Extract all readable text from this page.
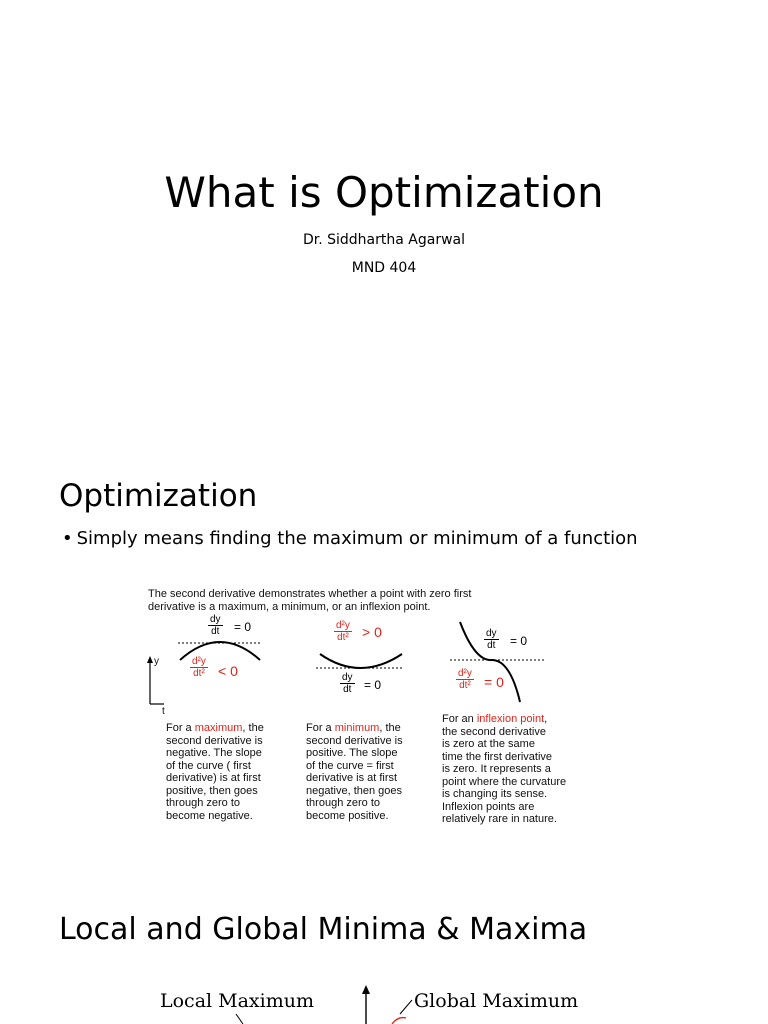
What is Optimization
Dr. Siddhartha Agarwal
MND 404
Optimization
• Simply means finding the maximum or minimum of a function
The second derivative demonstrates whether a point with zero first
derivative is a maximum, a minimum, or an inflexion point.
y
t
$\frac{dy}{dt} = 0$
$\frac{\text{d²y}}{\text{dt²}} < 0$
$\frac{\text{d²y}}{\text{dt²}} > 0$
$\frac{dy}{dt} = 0$
$\frac{dy}{dt} = 0$
$\frac{\text{d²y}}{\text{dt²}} = 0$
For a maximum, the
second derivative is
negative. The slope
of the curve ( first
derivative) is at first
positive, then goes
through zero to
become negative.
For a minimum, the
second derivative is
positive. The slope
of the curve = first
derivative is at first
negative, then goes
through zero to
become positive.
For an inflexion point,
the second derivative
is zero at the same
time the first derivative
is zero. It represents a
point where the curvature
is changing its sense.
Inflexion points are
relatively rare in nature.
Local and Global Minima & Maxima
Local Maximum	Global Maximum
